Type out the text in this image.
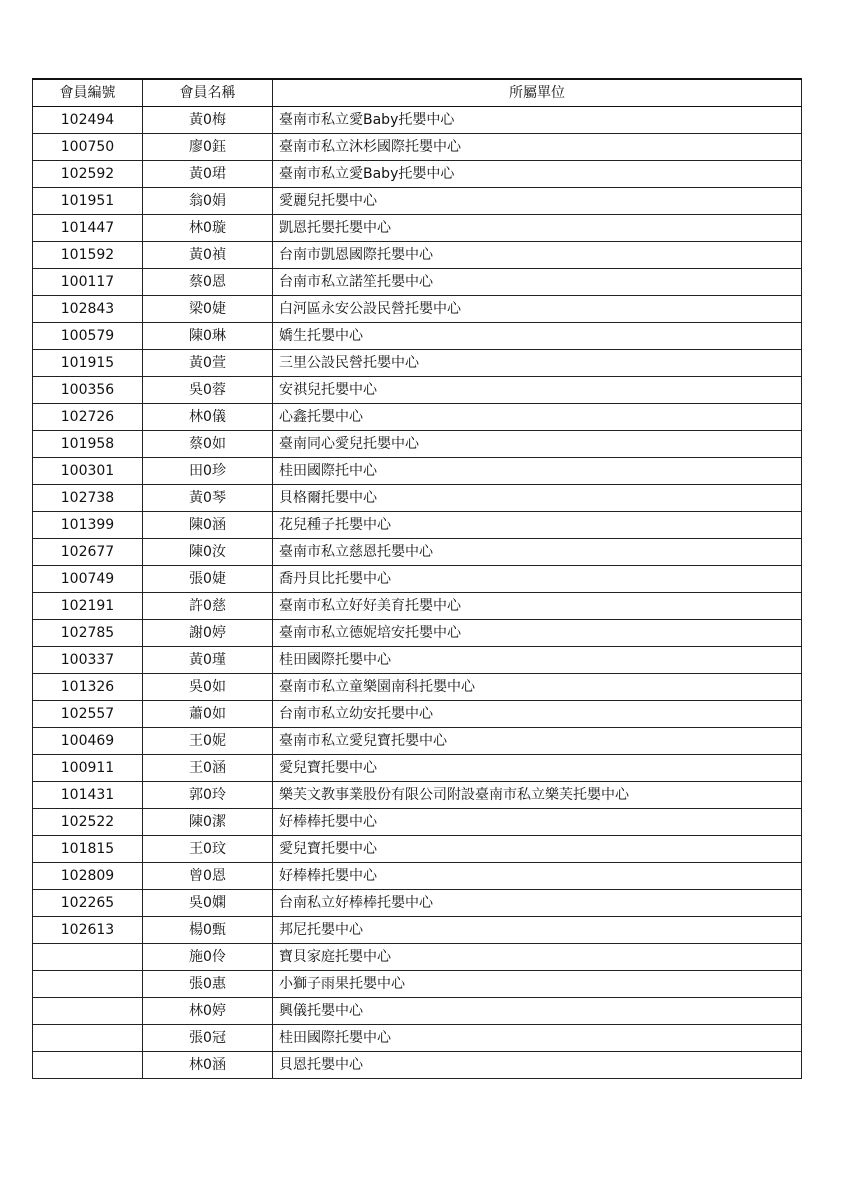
會員編號	會員名稱	所屬單位
102494	黃0梅	臺南市私立愛Baby托嬰中心
100750	廖0鈺	臺南市私立沐杉國際托嬰中心
102592	黃0珺	臺南市私立愛Baby托嬰中心
101951	翁0娟	愛麗兒托嬰中心
101447	林0璇	凱恩托嬰托嬰中心
101592	黃0禎	台南市凱恩國際托嬰中心
100117	蔡0恩	台南市私立諾笙托嬰中心
102843	梁0婕	白河區永安公設民營托嬰中心
100579	陳0琳	嬌生托嬰中心
101915	黃0萱	三里公設民營托嬰中心
100356	吳0蓉	安祺兒托嬰中心
102726	林0儀	心鑫托嬰中心
101958	蔡0如	臺南同心愛兒托嬰中心
100301	田0珍	桂田國際托中心
102738	黃0琴	貝格爾托嬰中心
101399	陳0涵	花兒種子托嬰中心
102677	陳0汝	臺南市私立慈恩托嬰中心
100749	張0婕	喬丹貝比托嬰中心
102191	許0慈	臺南市私立好好美育托嬰中心
102785	謝0婷	臺南市私立德妮培安托嬰中心
100337	黃0瑾	桂田國際托嬰中心
101326	吳0如	臺南市私立童樂園南科托嬰中心
102557	蕭0如	台南市私立幼安托嬰中心
100469	王0妮	臺南市私立愛兒寶托嬰中心
100911	王0涵	愛兒寶托嬰中心
101431	郭0玲	樂芙文教事業股份有限公司附設臺南市私立樂芙托嬰中心
102522	陳0潔	好棒棒托嬰中心
101815	王0玟	愛兒寶托嬰中心
102809	曾0恩	好棒棒托嬰中心
102265	吳0嫻	台南私立好棒棒托嬰中心
102613	楊0甄	邦尼托嬰中心
	施0伶	寶貝家庭托嬰中心
	張0惠	小獅子雨果托嬰中心
	林0婷	興儀托嬰中心
	張0冠	桂田國際托嬰中心
	林0涵	貝恩托嬰中心
